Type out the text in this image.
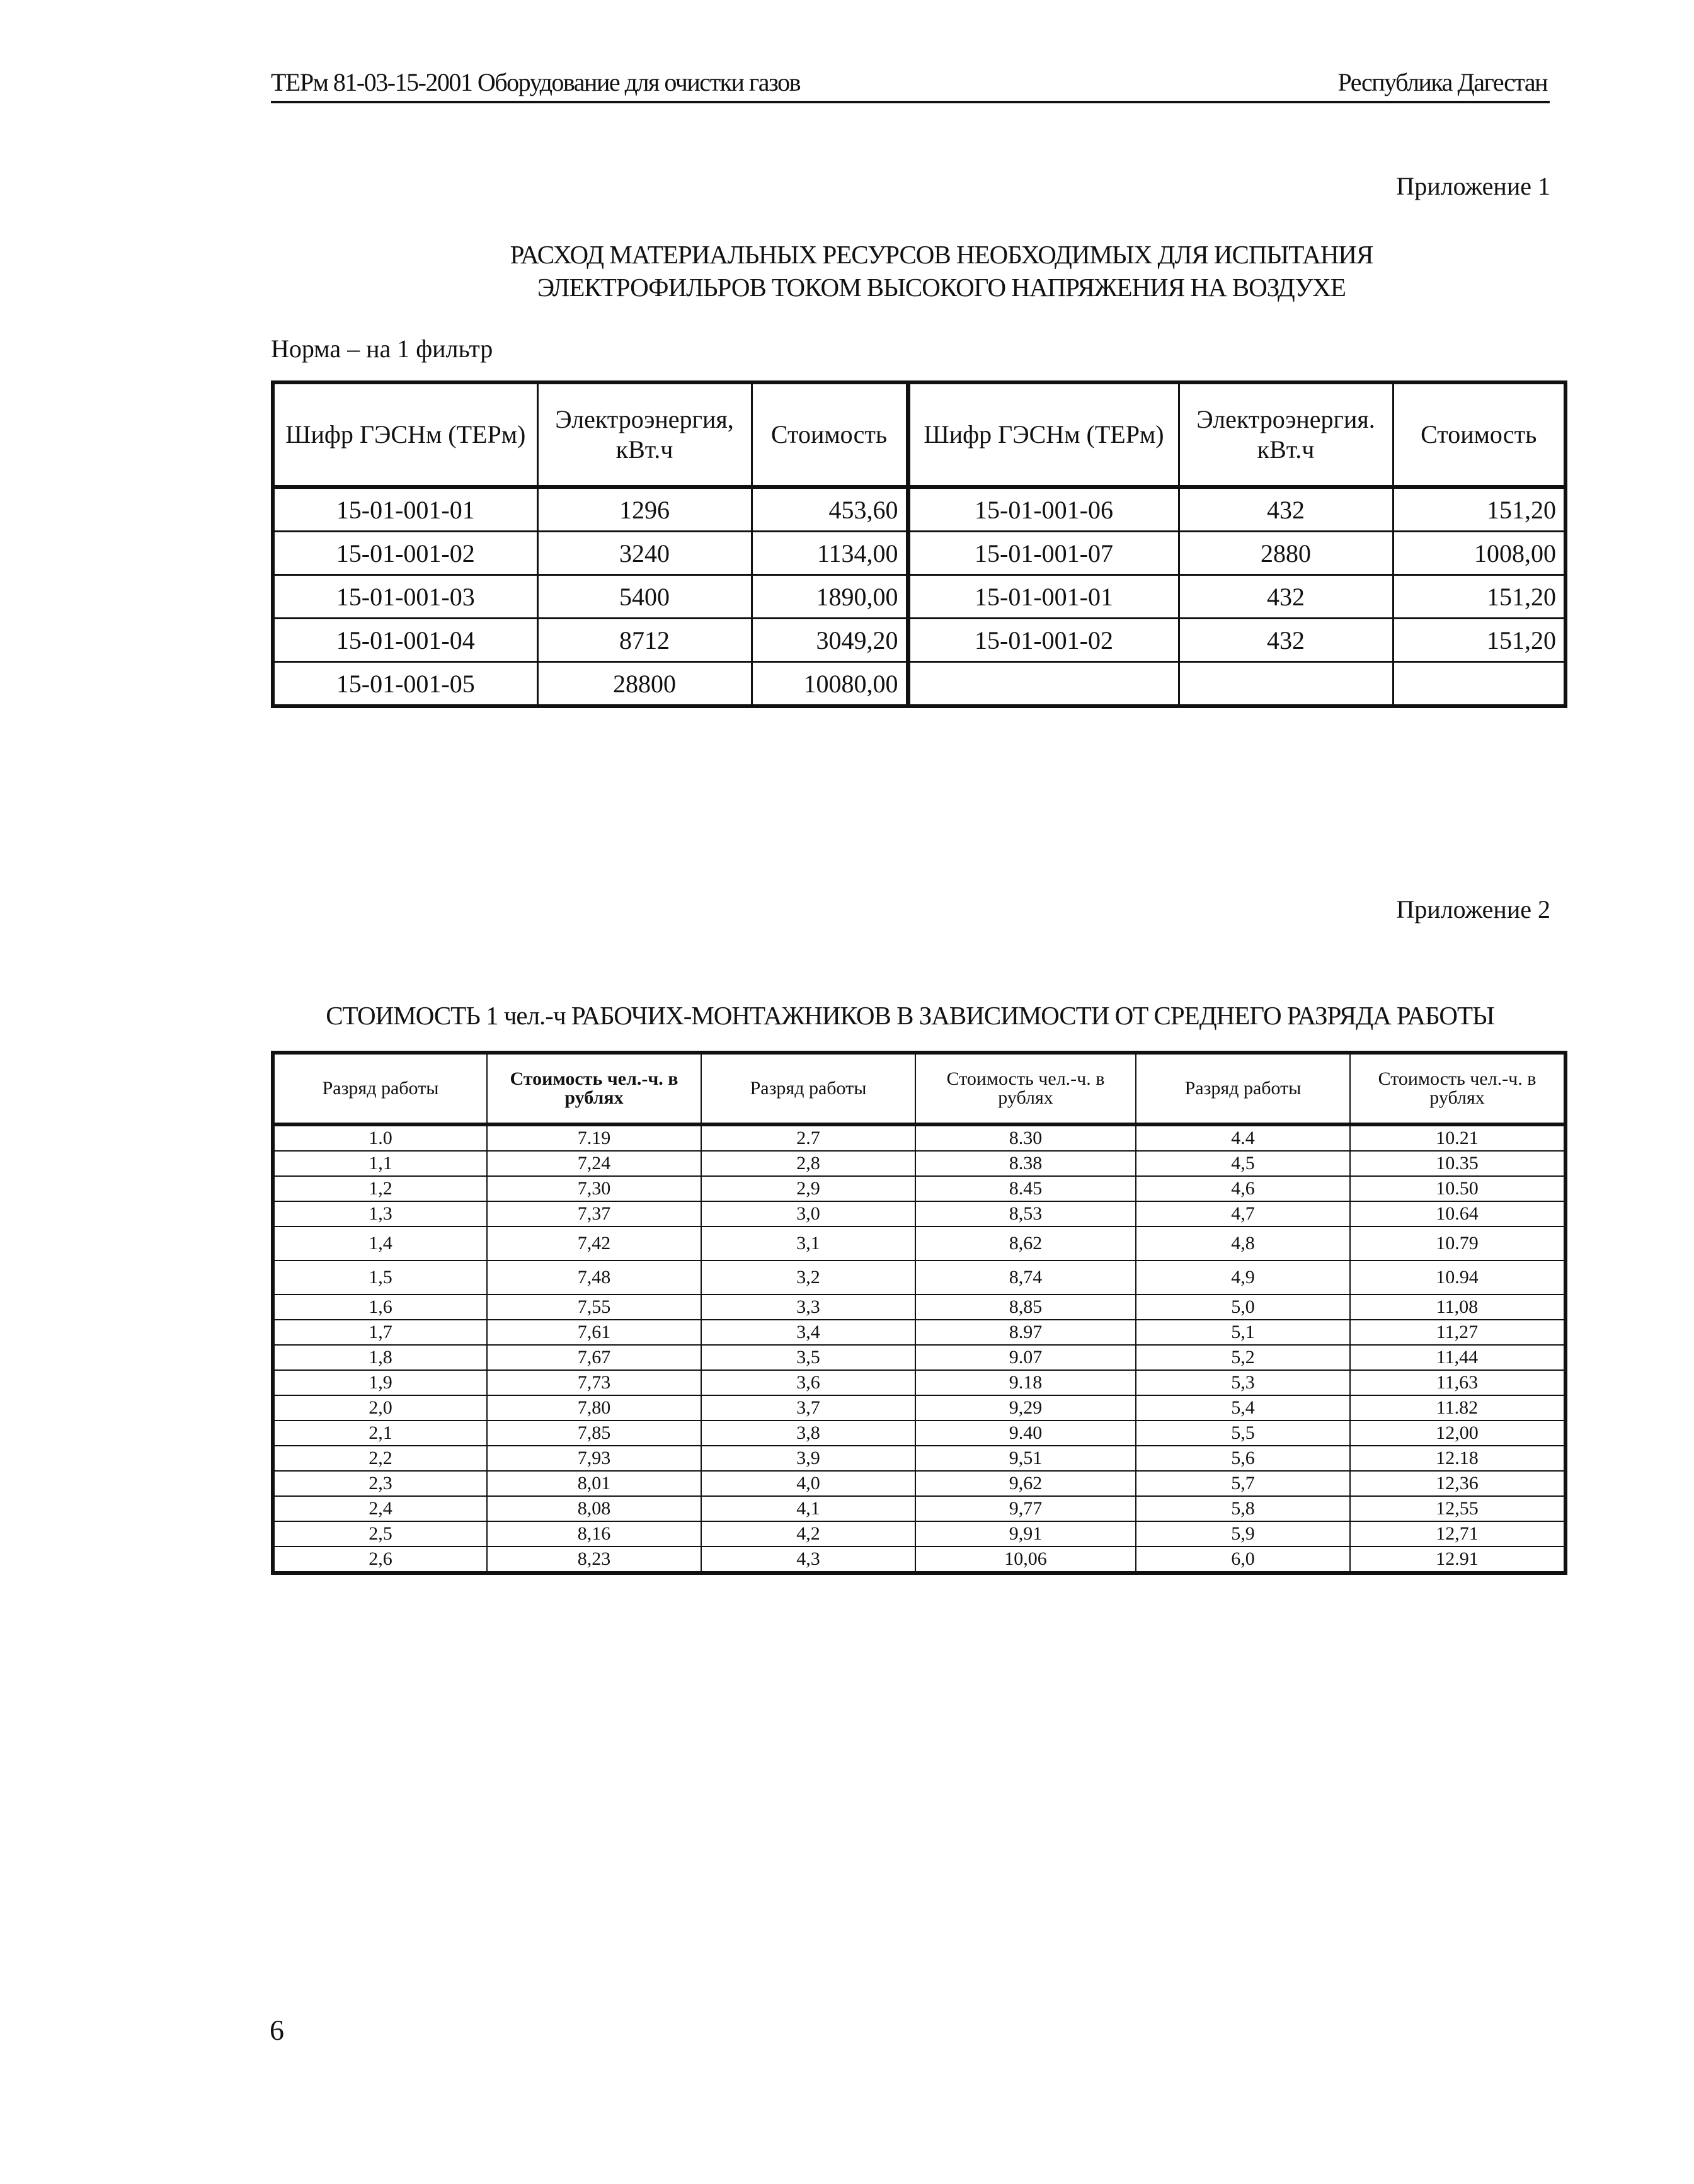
ТЕРм 81-03-15-2001 Оборудование для очистки газов	Республика Дагестан
Приложение 1
РАСХОД МАТЕРИАЛЬНЫХ РЕСУРСОВ НЕОБХОДИМЫХ ДЛЯ ИСПЫТАНИЯ
ЭЛЕКТРОФИЛЬРОВ ТОКОМ ВЫСОКОГО НАПРЯЖЕНИЯ НА ВОЗДУХЕ
Норма – на 1 фильтр
Шифр ГЭСНм (ТЕРм)	Электроэнергия, кВт.ч	Стоимость	Шифр ГЭСНм (ТЕРм)	Электроэнергия. кВт.ч	Стоимость
15-01-001-01	1296	453,60	15-01-001-06	432	151,20
15-01-001-02	3240	1134,00	15-01-001-07	2880	1008,00
15-01-001-03	5400	1890,00	15-01-001-01	432	151,20
15-01-001-04	8712	3049,20	15-01-001-02	432	151,20
15-01-001-05	28800	10080,00			
Приложение 2
СТОИМОСТЬ 1 чел.-ч РАБОЧИХ-МОНТАЖНИКОВ В ЗАВИСИМОСТИ ОТ СРЕДНЕГО РАЗРЯДА РАБОТЫ
Разряд работы	Стоимость чел.-ч. в рублях	Разряд работы	Стоимость чел.-ч. в рублях	Разряд работы	Стоимость чел.-ч. в рублях
1.0	7.19	2.7	8.30	4.4	10.21
1,1	7,24	2,8	8.38	4,5	10.35
1,2	7,30	2,9	8.45	4,6	10.50
1,3	7,37	3,0	8,53	4,7	10.64
1,4	7,42	3,1	8,62	4,8	10.79
1,5	7,48	3,2	8,74	4,9	10.94
1,6	7,55	3,3	8,85	5,0	11,08
1,7	7,61	3,4	8.97	5,1	11,27
1,8	7,67	3,5	9.07	5,2	11,44
1,9	7,73	3,6	9.18	5,3	11,63
2,0	7,80	3,7	9,29	5,4	11.82
2,1	7,85	3,8	9.40	5,5	12,00
2,2	7,93	3,9	9,51	5,6	12.18
2,3	8,01	4,0	9,62	5,7	12,36
2,4	8,08	4,1	9,77	5,8	12,55
2,5	8,16	4,2	9,91	5,9	12,71
2,6	8,23	4,3	10,06	6,0	12.91
6
